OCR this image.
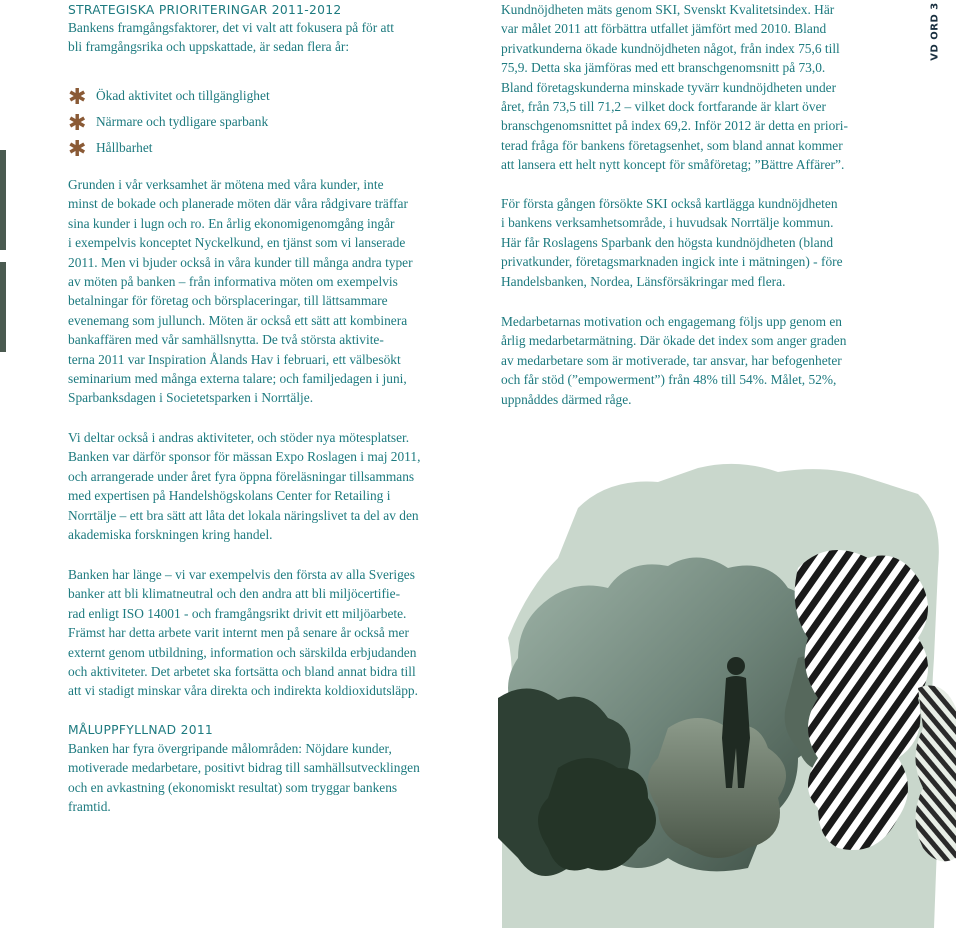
STRATEGISKA PRIORITERINGAR 2011-2012
Bankens framgångsfaktorer, det vi valt att fokusera på för att
bli framgångsrika och uppskattade, är sedan flera år:
✱ Ökad aktivitet och tillgänglighet
✱ Närmare och tydligare sparbank
✱ Hållbarhet
Grunden i vår verksamhet är mötena med våra kunder, inte
minst de bokade och planerade möten där våra rådgivare träffar
sina kunder i lugn och ro. En årlig ekonomigenomgång ingår
i exempelvis konceptet Nyckelkund, en tjänst som vi lanserade
2011. Men vi bjuder också in våra kunder till många andra typer
av möten på banken – från informativa möten om exempelvis
betalningar för företag och börsplaceringar, till lättsammare
evenemang som jullunch. Möten är också ett sätt att kombinera
bankaffären med vår samhällsnytta. De två största aktivite-
terna 2011 var Inspiration Ålands Hav i februari, ett välbesökt
seminarium med många externa talare; och familjedagen i juni,
Sparbanksdagen i Societetsparken i Norrtälje.
Vi deltar också i andras aktiviteter, och stöder nya mötesplatser.
Banken var därför sponsor för mässan Expo Roslagen i maj 2011,
och arrangerade under året fyra öppna föreläsningar tillsammans
med expertisen på Handelshögskolans Center for Retailing i
Norrtälje – ett bra sätt att låta det lokala näringslivet ta del av den
akademiska forskningen kring handel.
Banken har länge – vi var exempelvis den första av alla Sveriges
banker att bli klimatneutral och den andra att bli miljöcertifie-
rad enligt ISO 14001 - och framgångsrikt drivit ett miljöarbete.
Främst har detta arbete varit internt men på senare år också mer
externt genom utbildning, information och särskilda erbjudanden
och aktiviteter. Det arbetet ska fortsätta och bland annat bidra till
att vi stadigt minskar våra direkta och indirekta koldioxidutsläpp.
MÅLUPPFYLLNAD 2011
Banken har fyra övergripande målområden: Nöjdare kunder,
motiverade medarbetare, positivt bidrag till samhällsutvecklingen
och en avkastning (ekonomiskt resultat) som tryggar bankens
framtid.
Kundnöjdheten mäts genom SKI, Svenskt Kvalitetsindex. Här
var målet 2011 att förbättra utfallet jämfört med 2010. Bland
privatkunderna ökade kundnöjdheten något, från index 75,6 till
75,9. Detta ska jämföras med ett branschgenomsnitt på 73,0.
Bland företagskunderna minskade tyvärr kundnöjdheten under
året, från 73,5 till 71,2 – vilket dock fortfarande är klart över
branschgenomsnittet på index 69,2. Inför 2012 är detta en priori-
terad fråga för bankens företagsenhet, som bland annat kommer
att lansera ett helt nytt koncept för småföretag; ”Bättre Affärer”.
För första gången försökte SKI också kartlägga kundnöjdheten
i bankens verksamhetsområde, i huvudsak Norrtälje kommun.
Här får Roslagens Sparbank den högsta kundnöjdheten (bland
privatkunder, företagsmarknaden ingick inte i mätningen) - före
Handelsbanken, Nordea, Länsförsäkringar med flera.
Medarbetarnas motivation och engagemang följs upp genom en
årlig medarbetarmätning. Där ökade det index som anger graden
av medarbetare som är motiverade, tar ansvar, har befogenheter
och får stöd (”empowerment”) från 48% till 54%. Målet, 52%,
uppnåddes därmed råge.
VD ORD 3
